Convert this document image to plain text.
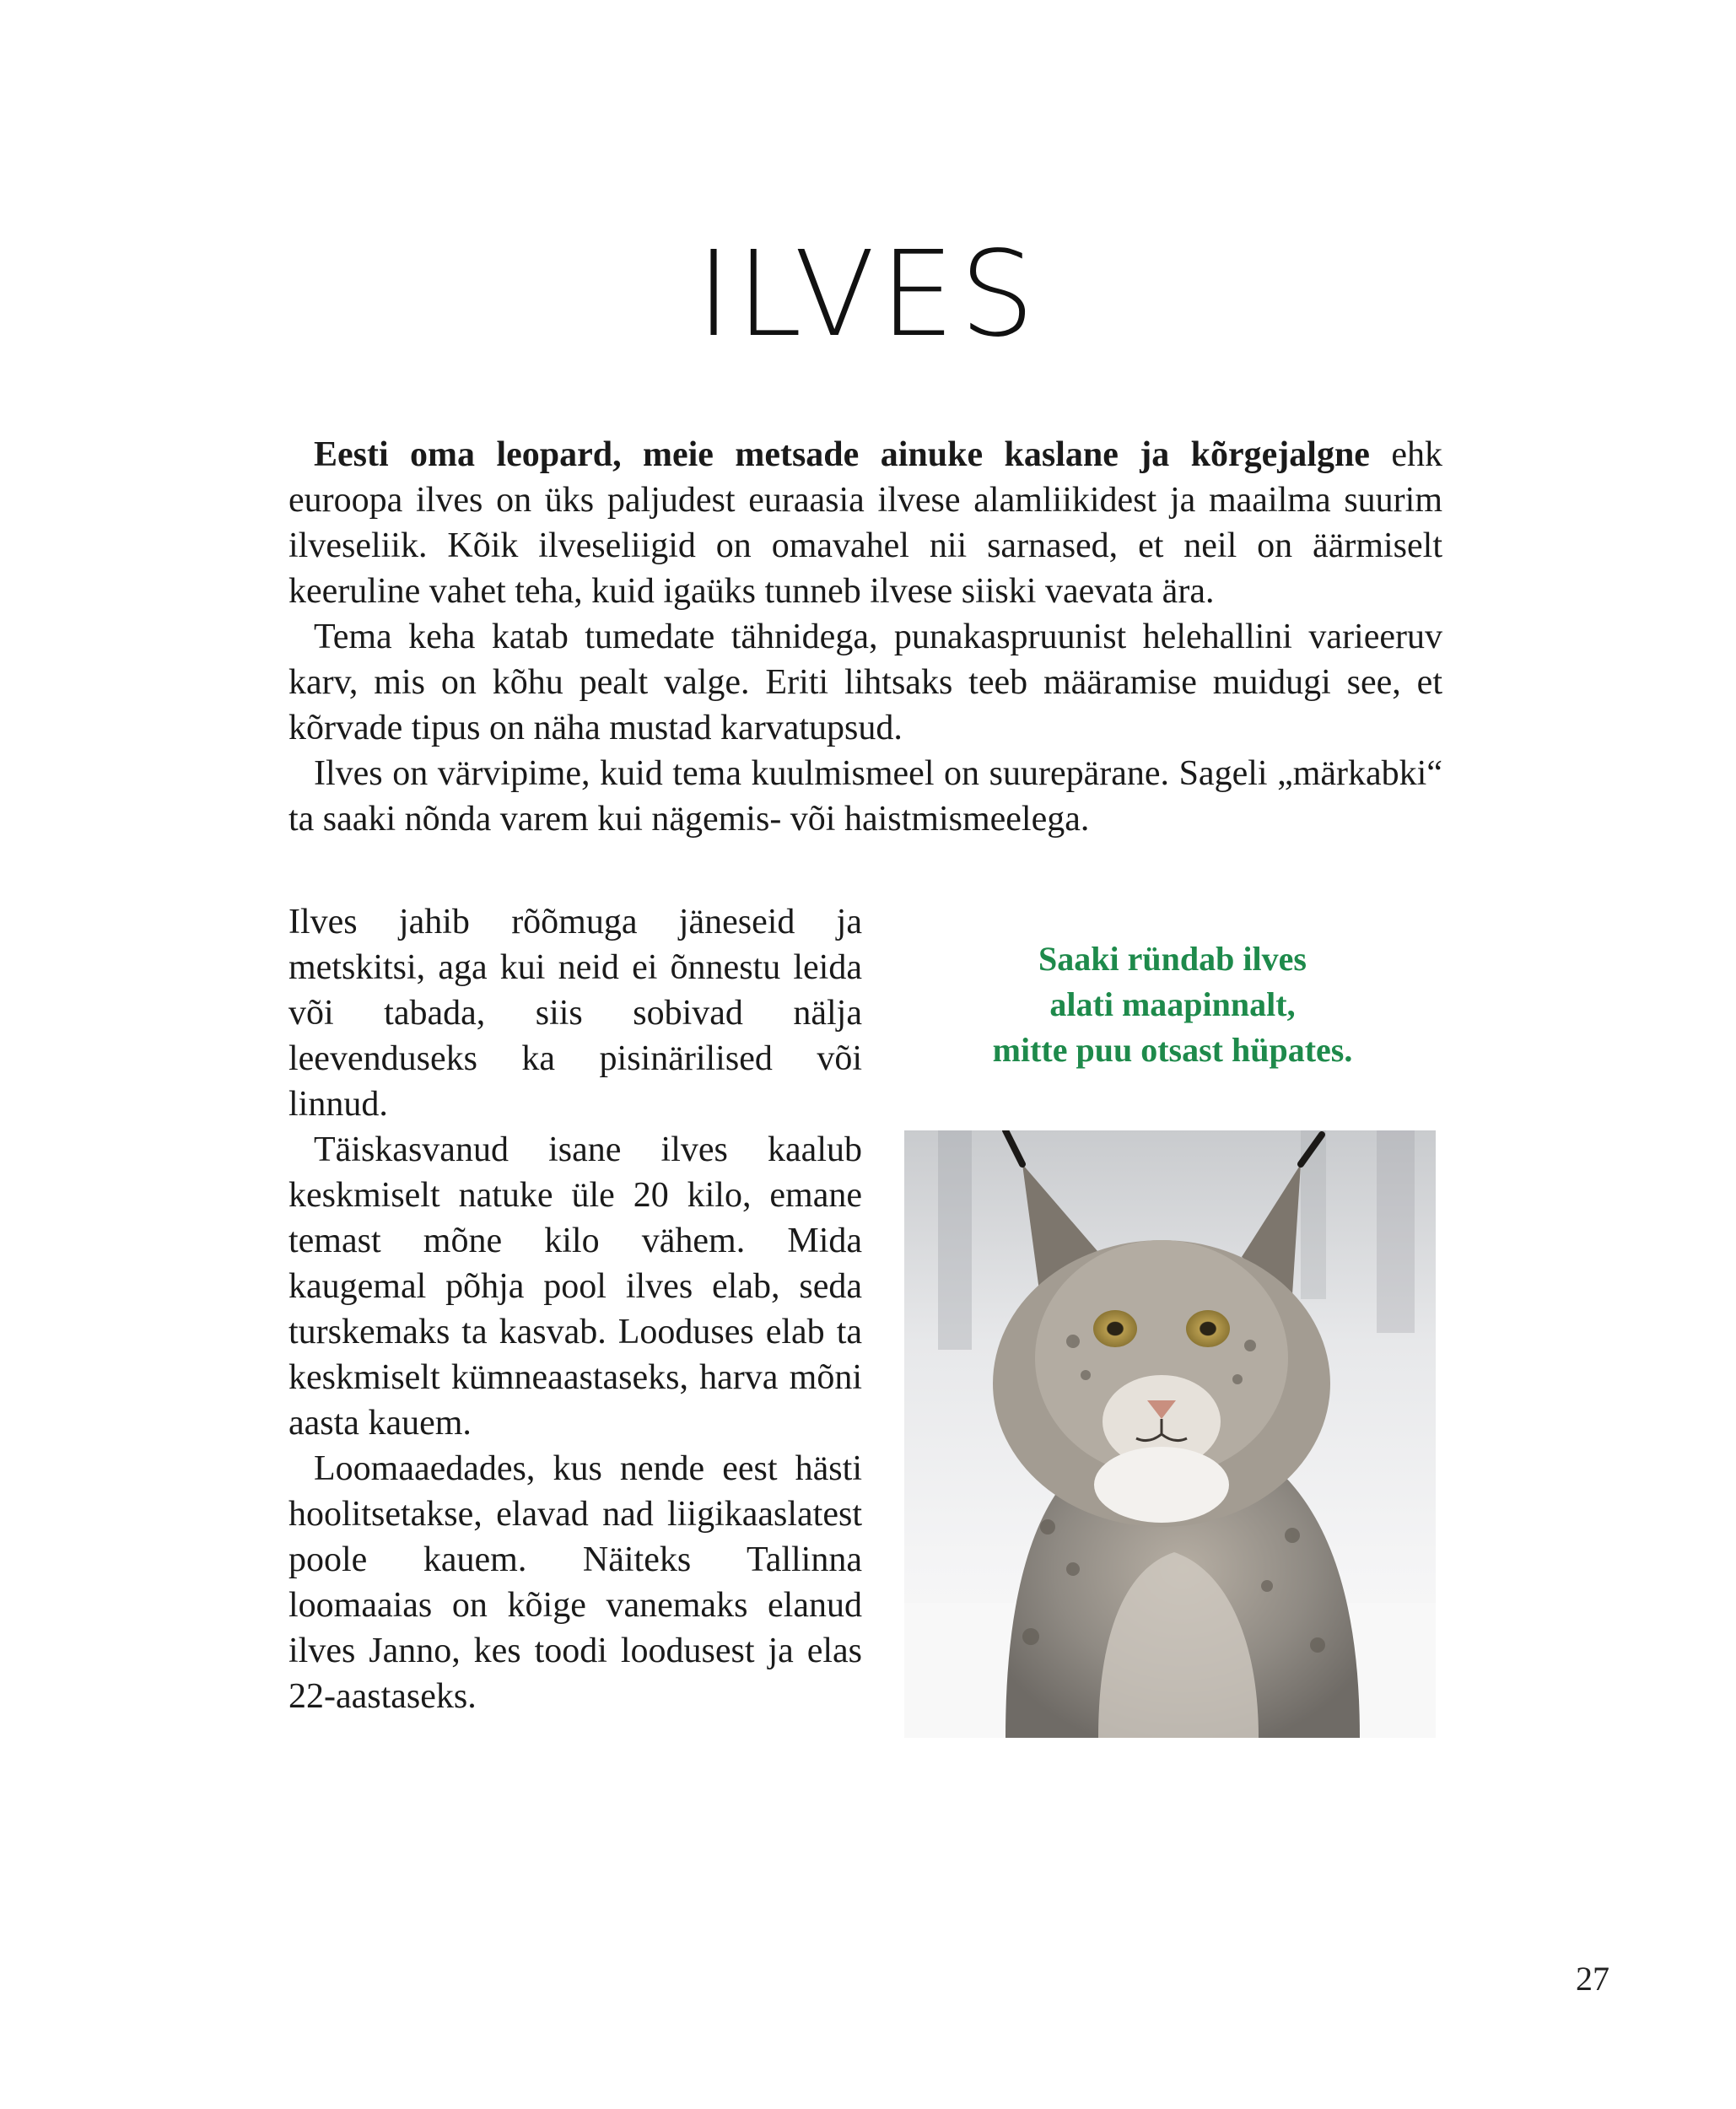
ILVES

Eesti oma leopard, meie metsade ainuke kaslane ja kõrgejalgne ehk euroopa ilves on üks paljudest euraasia ilvese alamliikidest ja maailma suurim ilveseliik. Kõik ilveseliigid on omavahel nii sarnased, et neil on äärmiselt keeruline vahet teha, kuid igaüks tunneb ilvese siiski vaevata ära.

Tema keha katab tumedate tähnidega, punakaspruunist helehallini varieeruv karv, mis on kõhu pealt valge. Eriti lihtsaks teeb määramise muidugi see, et kõrvade tipus on näha mustad karvatupsud.

Ilves on värvipime, kuid tema kuulmismeel on suurepärane. Sageli „märkabki“ ta saaki nõnda varem kui nägemis- või haistmismeelega.

Ilves jahib rõõmuga jäneseid ja metskitsi, aga kui neid ei õnnestu leida või tabada, siis sobivad nälja leevenduseks ka pisinärilised või linnud.

Täiskasvanud isane ilves kaalub keskmiselt natuke üle 20 kilo, emane temast mõne kilo vähem. Mida kaugemal põhja pool ilves elab, seda turskemaks ta kasvab. Looduses elab ta keskmiselt kümneaastaseks, harva mõni aasta kauem.

Loomaaedades, kus nende eest hästi hoolitsetakse, elavad nad liigikaaslatest poole kauem. Näiteks Tallinna loomaaias on kõige vanemaks elanud ilves Janno, kes toodi loodusest ja elas 22-aastaseks.

Saaki ründab ilves
alati maapinnalt,
mitte puu otsast hüpates.
27
